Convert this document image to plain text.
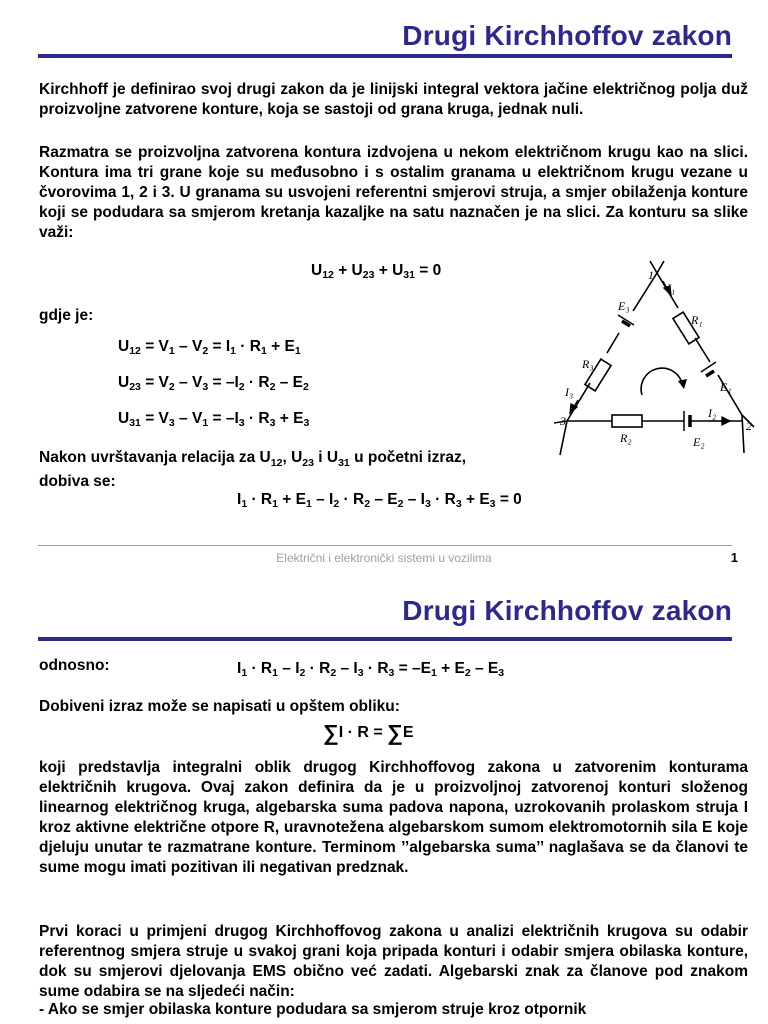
Drugi Kirchhoffov zakon

Kirchhoff je definirao svoj drugi zakon da je linijski integral vektora jačine električnog polja duž proizvoljne zatvorene konture, koja se sastoji od grana kruga, jednak nuli.

Razmatra se proizvoljna zatvorena kontura izdvojena u nekom električnom krugu kao na slici. Kontura ima tri grane koje su međusobno i s ostalim granama u električnom krugu vezane u čvorovima 1, 2 i 3. U granama su usvojeni referentni smjerovi struja, a smjer obilaženja konture koji se podudara sa smjerom kretanja kazaljke na satu naznačen je na slici. Za konturu sa slike važi:

$U_{12} + U_{23} + U_{31} = 0$
gdje je:
$U_{12} = V_1 - V_2 = I_1 \cdot R_1 + E_1$
$U_{23} = V_2 - V_3 = -I_2 \cdot R_2 - E_2$
$U_{31} = V_3 - V_1 = -I_3 \cdot R_3 + E_3$
Nakon uvrštavanja relacija za $U_{12}$, $U_{23}$ i $U_{31}$ u početni izraz,
dobiva se:
$I_1 \cdot R_1 + E_1 - I_2 \cdot R_2 - E_2 - I_3 \cdot R_3 + E_3 = 0$
1
2
3
I₁
I₂
I₃
R₁
R₂
R₃
E₁
E₂
E₃
Električni i elektronički sistemi u vozilima	1
Drugi Kirchhoffov zakon
odnosno:	$I_1 \cdot R_1 - I_2 \cdot R_2 - I_3 \cdot R_3 = -E_1 + E_2 - E_3$
Dobiveni izraz može se napisati u opštem obliku:
∑I · R = ∑E

koji predstavlja integralni oblik drugog Kirchhoffovog zakona u zatvorenim konturama električnih krugova. Ovaj zakon definira da je u proizvoljnoj zatvorenoj konturi složenog linearnog električnog kruga, algebarska suma padova napona, uzrokovanih prolaskom struja I kroz aktivne električne otpore R, uravnotežena algebarskom sumom elektromotornih sila E koje djeluju unutar te razmatrane konture. Terminom ’’algebarska suma’’ naglašava se da članovi te sume mogu imati pozitivan ili negativan predznak.

Prvi koraci u primjeni drugog Kirchhoffovog zakona u analizi električnih krugova su odabir referentnog smjera struje u svakoj grani koja pripada konturi i odabir smjera obilaska konture, dok su smjerovi djelovanja EMS obično već zadati. Algebarski znak za članove pod znakom sume odabira se na sljedeći način:

- Ako se smjer obilaska konture podudara sa smjerom struje kroz otpornik
